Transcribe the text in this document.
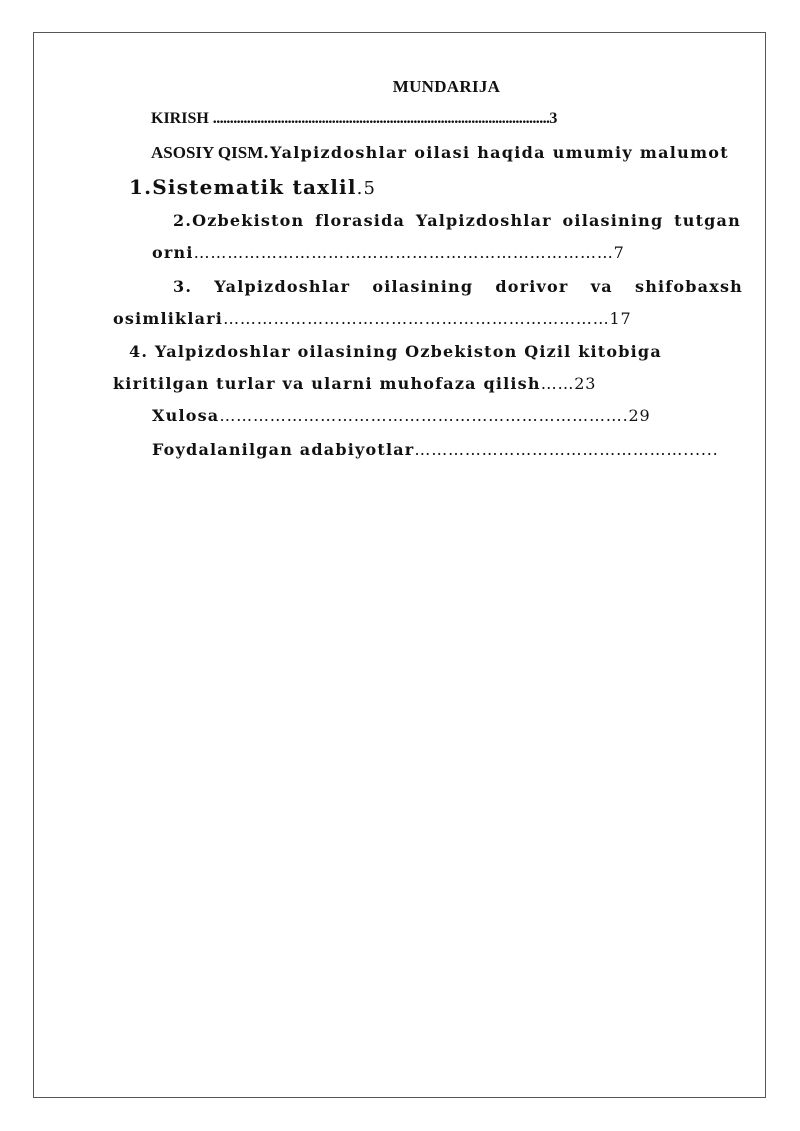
MUNDARIJA
KIRISH ...................................................................................................3
ASOSIY QISM.Yalpizdoshlar oilasi haqida umumiy malumot
1.Sistematik taxlil.5
2.Ozbekiston florasida Yalpizdoshlar oilasining tutgan
orni…………………………………………………………………7
3. Yalpizdoshlar oilasining dorivor va shifobaxsh
osimliklari……………………………………………………………17
4. Yalpizdoshlar oilasining Ozbekiston Qizil kitobiga
kiritilgan turlar va ularni muhofaza qilish……23
Xulosa……………………………………………………………….29
Foydalanilgan adabiyotlar…………………………………………......
